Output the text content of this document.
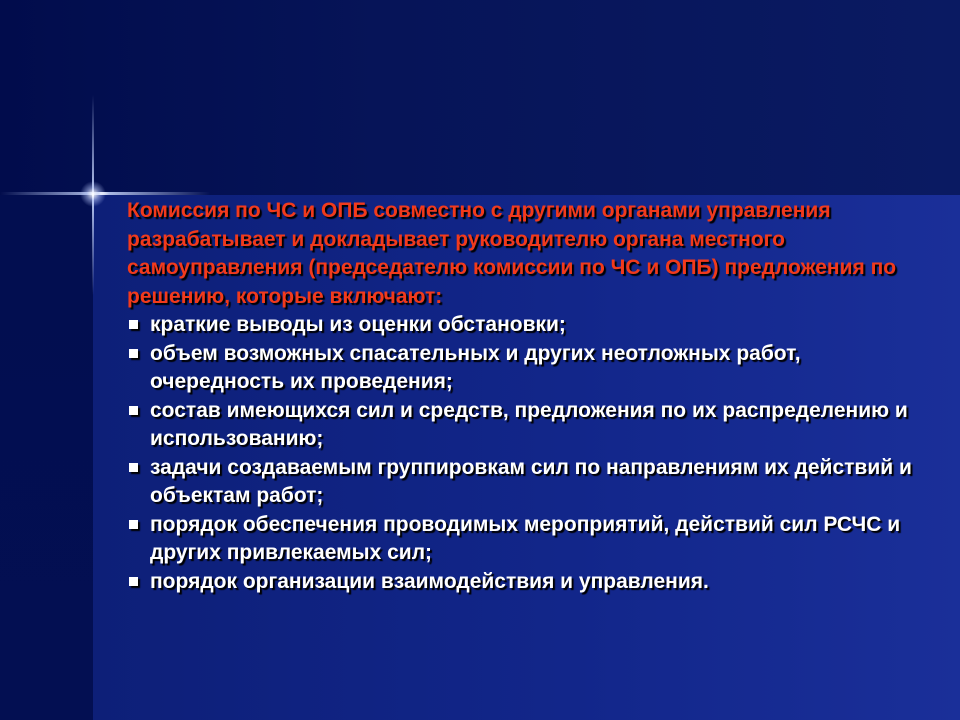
Комиссия по ЧС и ОПБ совместно с другими органами управления разрабатывает и докладывает руководителю органа местного самоуправления (председателю комиссии по ЧС и ОПБ) предложения по решению, которые включают:

краткие выводы из оценки обстановки;
объем возможных спасательных и других неотложных работ, очередность их проведения;
состав имеющихся сил и средств, предложения по их распределению и использованию;
задачи создаваемым группировкам сил по направлениям их действий и объектам работ;
порядок обеспечения проводимых мероприятий, действий сил РСЧС и других привлекаемых сил;
порядок организации взаимодействия и управления.
